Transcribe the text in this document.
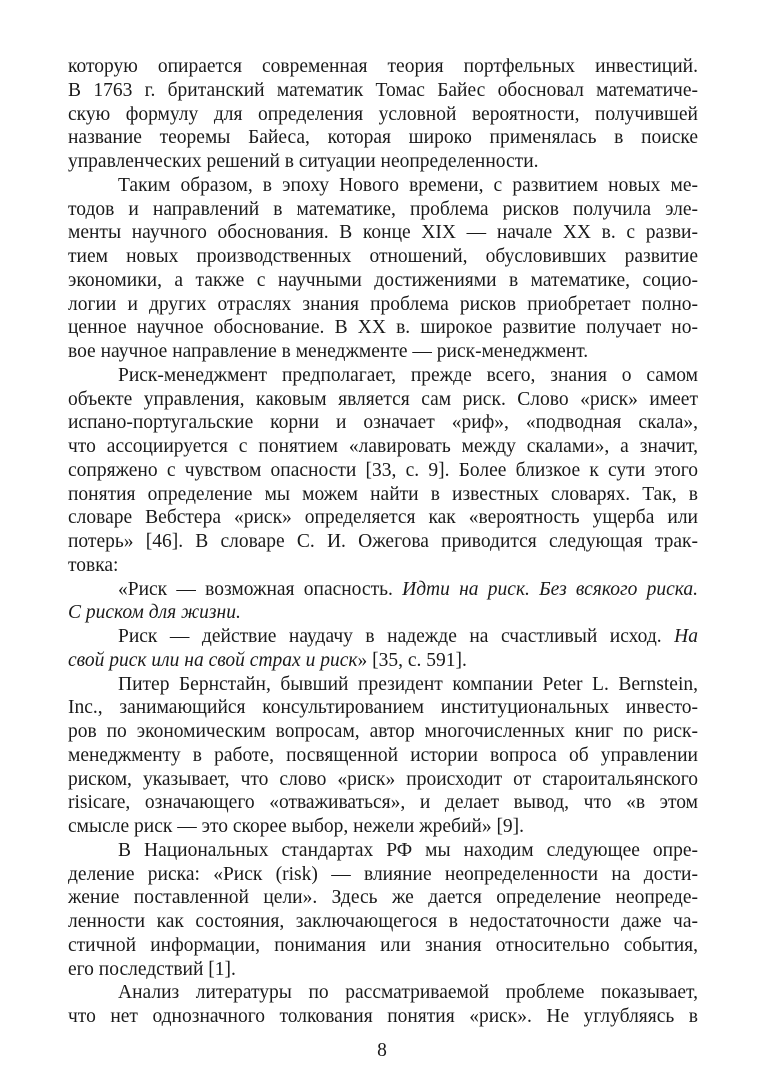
которую опирается современная теория портфельных инвестиций.
В 1763 г. британский математик Томас Байес обосновал математиче-
скую формулу для определения условной вероятности, получившей
название теоремы Байеса, которая широко применялась в поиске
управленческих решений в ситуации неопределенности.
Таким образом, в эпоху Нового времени, с развитием новых ме-
тодов и направлений в математике, проблема рисков получила эле-
менты научного обоснования. В конце XIX — начале XX в. с разви-
тием новых производственных отношений, обусловивших развитие
экономики, а также с научными достижениями в математике, социо-
логии и других отраслях знания проблема рисков приобретает полно-
ценное научное обоснование. В XX в. широкое развитие получает но-
вое научное направление в менеджменте — риск-менеджмент.
Риск-менеджмент предполагает, прежде всего, знания о самом
объекте управления, каковым является сам риск. Слово «риск» имеет
испано-португальские корни и означает «риф», «подводная скала»,
что ассоциируется с понятием «лавировать между скалами», а значит,
сопряжено с чувством опасности [33, с. 9]. Более близкое к сути этого
понятия определение мы можем найти в известных словарях. Так, в
словаре Вебстера «риск» определяется как «вероятность ущерба или
потерь» [46]. В словаре С. И. Ожегова приводится следующая трак-
товка:
«Риск — возможная опасность. Идти на риск. Без всякого риска.
С риском для жизни.
Риск — действие наудачу в надежде на счастливый исход. На
свой риск или на свой страх и риск» [35, с. 591].
Питер Бернстайн, бывший президент компании Peter L. Bernstein,
Inc., занимающийся консультированием институциональных инвесто-
ров по экономическим вопросам, автор многочисленных книг по риск-
менеджменту в работе, посвященной истории вопроса об управлении
риском, указывает, что слово «риск» происходит от староитальянского
risicare, означающего «отваживаться», и делает вывод, что «в этом
смысле риск — это скорее выбор, нежели жребий» [9].
В Национальных стандартах РФ мы находим следующее опре-
деление риска: «Риск (risk) — влияние неопределенности на дости-
жение поставленной цели». Здесь же дается определение неопреде-
ленности как состояния, заключающегося в недостаточности даже ча-
стичной информации, понимания или знания относительно события,
его последствий [1].
Анализ литературы по рассматриваемой проблеме показывает,
что нет однозначного толкования понятия «риск». Не углубляясь в
8
